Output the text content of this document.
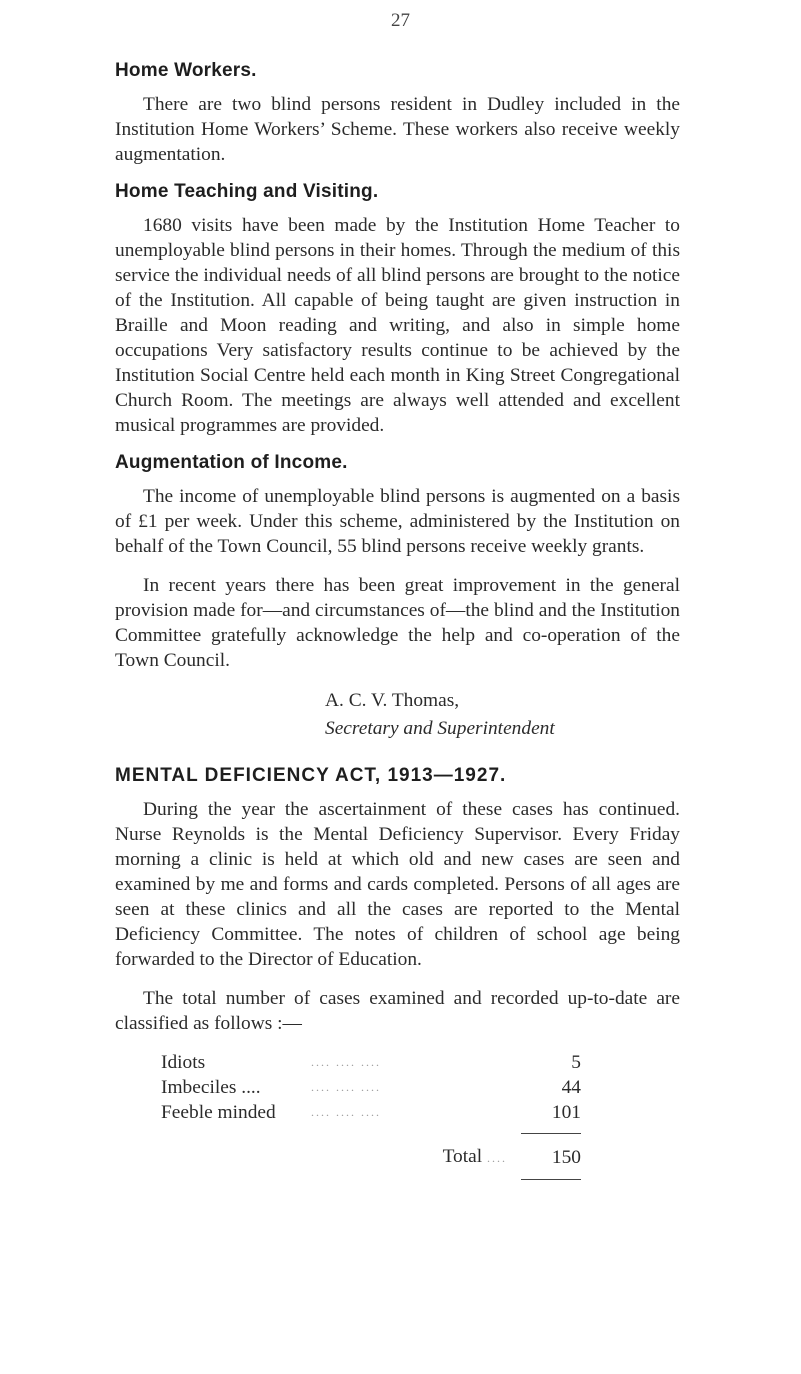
27
Home Workers.

There are two blind persons resident in Dudley included in the Institution Home Workers’ Scheme. These workers also receive weekly augmentation.

Home Teaching and Visiting.

1680 visits have been made by the Institution Home Teacher to unemployable blind persons in their homes. Through the medium of this service the individual needs of all blind persons are brought to the notice of the Institution. All capable of being taught are given instruction in Braille and Moon reading and writing, and also in simple home occupations Very satisfactory results continue to be achieved by the Institution Social Centre held each month in King Street Congregational Church Room. The meetings are always well attended and excellent musical programmes are provided.

Augmentation of Income.

The income of unemployable blind persons is augmented on a basis of £1 per week. Under this scheme, administered by the Institution on behalf of the Town Council, 55 blind persons receive weekly grants.

In recent years there has been great improvement in the general provision made for—and circumstances of—the blind and the Institution Committee gratefully acknowledge the help and co-operation of the Town Council.

A. C. V. Thomas,
Secretary and Superintendent
MENTAL DEFICIENCY ACT, 1913—1927.

During the year the ascertainment of these cases has continued. Nurse Reynolds is the Mental Deficiency Supervisor. Every Friday morning a clinic is held at which old and new cases are seen and examined by me and forms and cards completed. Persons of all ages are seen at these clinics and all the cases are reported to the Mental Deficiency Committee. The notes of children of school age being forwarded to the Director of Education.

The total number of cases examined and recorded up-to-date are classified as follows :—

Idiots	.... .... ....	5
Imbeciles ....	.... .... ....	44
Feeble minded	.... .... ....	101

	Total ....	150
